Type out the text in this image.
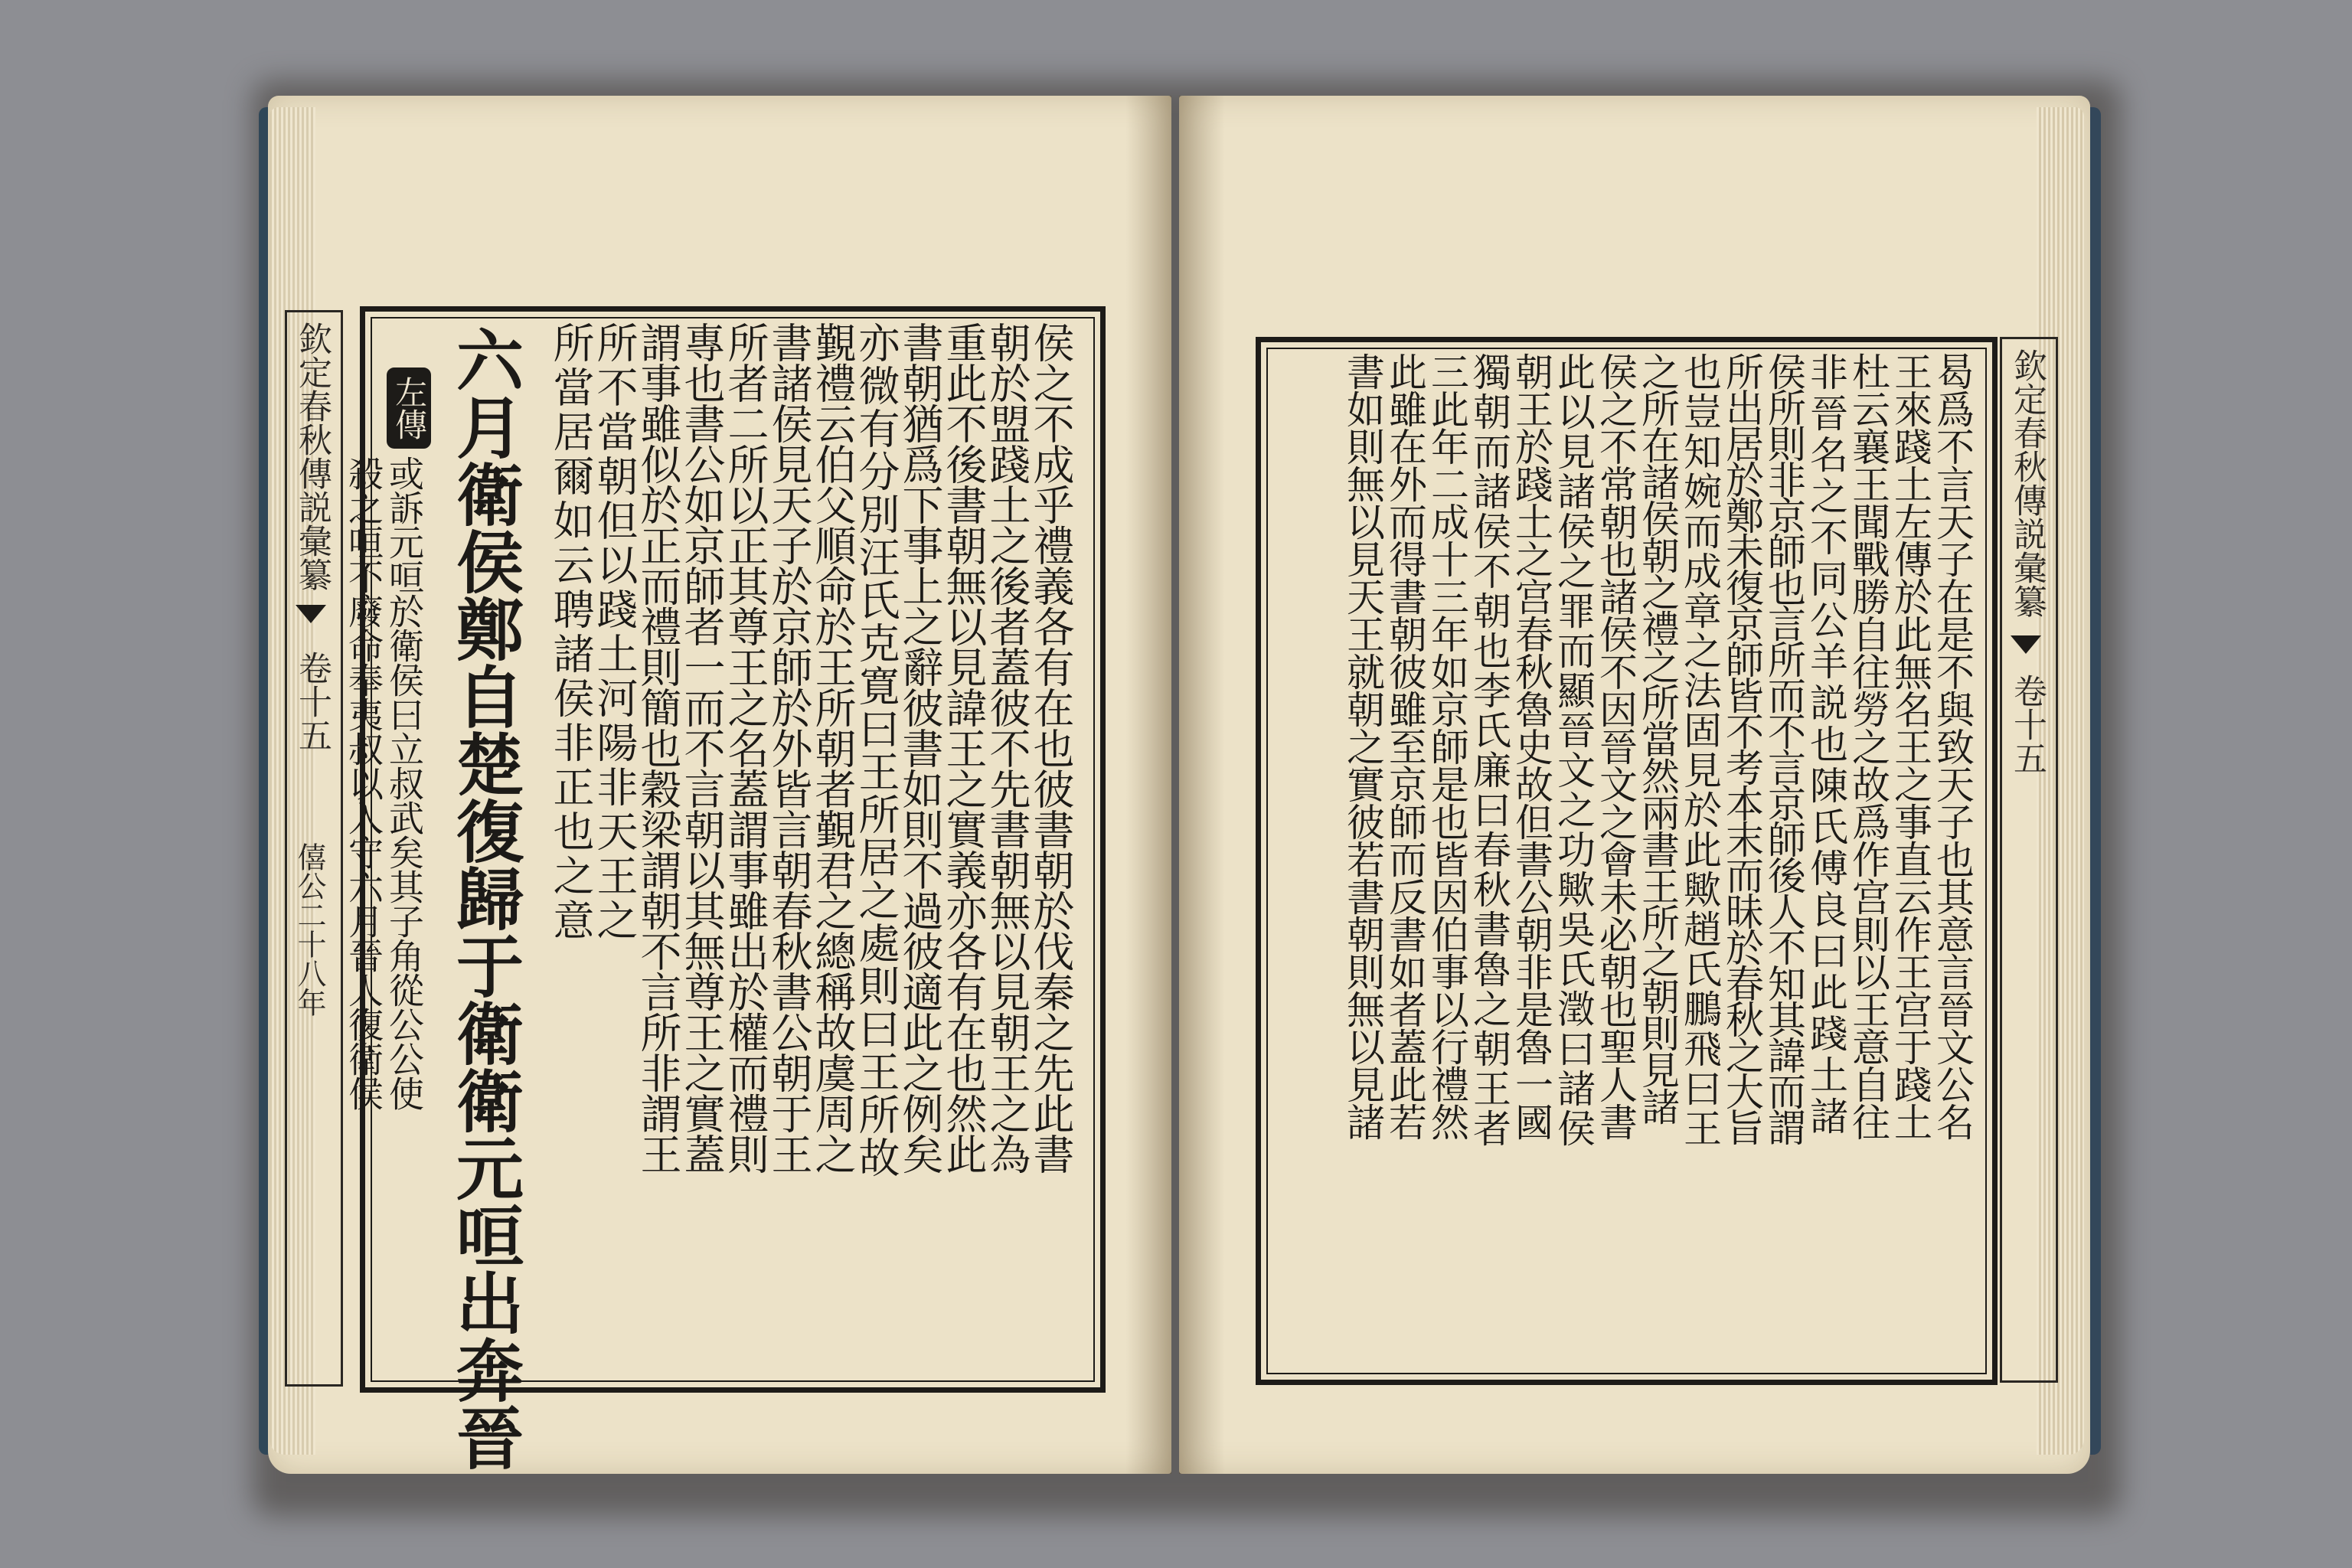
欽定春秋傳説彙纂
卷十五
僖公二十八年 六月衛侯鄭自楚復歸于衛衛元咺出奔晉
左傳
或訴元咺於衛侯曰立叔武矣其子角從公公使
殺之咺不廢命奉夷叔以入守六月晉人復衛侯	侯之不成乎禮義各有在也彼書朝於伐秦之先此書
朝於盟踐土之後者蓋彼不先書朝無以見朝王之為
重此不後書朝無以見諱王之實義亦各有在也然此
書朝猶爲下事上之辭彼書如則不過彼適此之例矣
亦微有分別汪氏克寛曰王所居之處則曰王所故
覲禮云伯父順命於王所朝者覲君之總稱故虞周之
書諸侯見天子於京師於外皆言朝春秋書公朝于王
所者二所以正其尊王之名蓋謂事雖出於權而禮則
專也書公如京師者一而不言朝以其無尊王之實蓋
謂事雖似於正而禮則簡也穀梁謂朝不言所非謂王
所不當朝但以踐土河陽非天王之
所當居爾如云聘諸侯非正也之意	曷爲不言天子在是不與致天子也其意言晉文公名
王來踐土左傳於此無名王之事直云作王宫于踐土
杜云襄王聞戰勝自往勞之故爲作宫則以王意自往
非晉名之不同公羊説也陳氏傅良曰此踐土諸
侯所則非京師也言所而不言京師後人不知其諱而謂
所出居於鄭未復京師皆不考本末而昧於春秋之大旨
也豈知婉而成章之法固見於此歟趙氏鵬飛曰王
之所在諸侯朝之禮之所當然兩書王所之朝則見諸
侯之不常朝也諸侯不因晉文之會未必朝也聖人書
此以見諸侯之罪而顯晉文之功歟吳氏澂曰諸侯
朝王於踐土之宫春秋魯史故但書公朝非是魯一國
獨朝而諸侯不朝也李氏廉曰春秋書魯之朝王者
三此年二成十三年如京師是也皆因伯事以行禮然
此雖在外而得書朝彼雖至京師而反書如者蓋此若
書如則無以見天王就朝之實彼若書朝則無以見諸	欽定春秋傳説彙纂
卷十五
